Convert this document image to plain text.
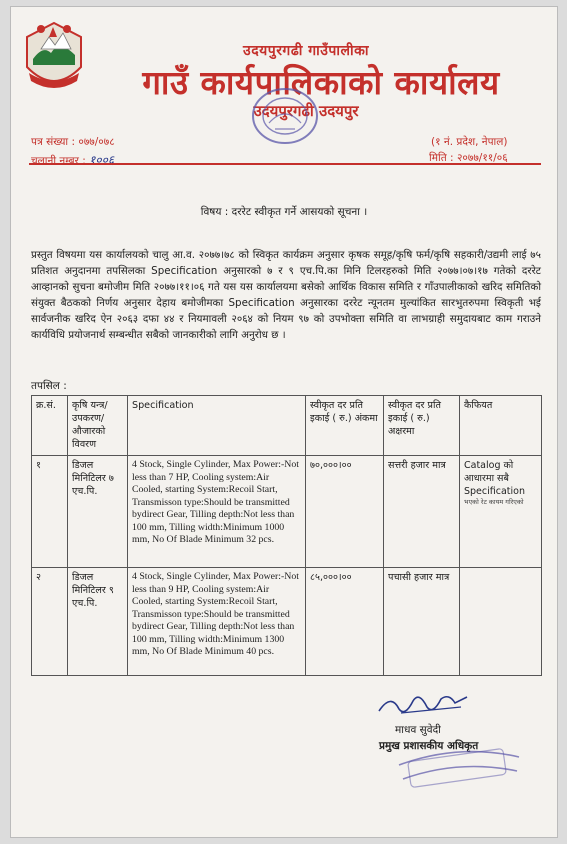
उदयपुरगढी गाउँपालीका
गाउँ कार्यपालिकाको कार्यालय
उदयपुरगढी उदयपुर
पत्र संख्या : ०७७/०७८
चलानी नम्बर : १००६
(१ नं. प्रदेश, नेपाल)
मिति : २०७७/११/०६
विषय : दररेट स्वीकृत गर्ने आसयको सूचना ।

प्रस्तुत विषयमा यस कार्यालयको चालु आ.व. २०७७।७८ को स्विकृत कार्यक्रम अनुसार कृषक समूह/कृषि फर्म/कृषि सहकारी/उद्यमी लाई ७५ प्रतिशत अनुदानमा तपसिलका Specification अनुसारको ७ र ९ एच.पि.का मिनि टिलरहरुको मिति २०७७।०७।१७ गतेको दररेट आव्हानको सुचना बमोजीम मिति २०७७।११।०६ गते यस यस कार्यालयमा बसेको आर्थिक विकास समिति र गाँउपालीकाको खरिद समितिको संयुक्त बैठकको निर्णय अनुसार देहाय बमोजीमका Specification अनुसारका दररेट न्यूनतम मुल्यांकित सारभुतरुपमा स्विकृती भई सार्वजनीक खरिद ऐन २०६३ दफा ४४ र नियमावली २०६४ को नियम ९७ को उपभोक्ता समिति वा लाभग्राही समुदायबाट काम गराउने कार्यविधि प्रयोजनार्थ सम्बन्धीत सबैको जानकारीको लागि अनुरोध छ ।

तपसिल :
क्र.सं.	कृषि यन्त्र/ उपकरण/ औजारको विवरण	Specification	स्वीकृत दर प्रति इकाई ( रु.) अंकमा	स्वीकृत दर प्रति इकाई ( रु.) अक्षरमा	कैफियत
१	डिजल मिनिटिलर ७ एच.पि.	4 Stock, Single Cylinder, Max Power:-Not less than 7 HP, Cooling system:Air Cooled, starting System:Recoil Start, Transmisson type:Should be transmitted bydirect Gear, Tilling depth:Not less than 100 mm, Tilling width:Minimum 1000 mm, No Of Blade Minimum 32 pcs.	७०,०००।००	सत्तरी हजार मात्र	Catalog को आधारमा सबै Specification
भएको रेट कायम गरिएको

२	डिजल मिनिटिलर ९ एच.पि.	4 Stock, Single Cylinder, Max Power:-Not less than 9 HP, Cooling system:Air Cooled, starting System:Recoil Start, Transmisson type:Should be transmitted bydirect Gear, Tilling depth:Not less than 100 mm, Tilling width:Minimum 1300 mm, No Of Blade Minimum 40 pcs.	८५,०००।००	पचासी हजार मात्र	
माधव सुवेदी
प्रमुख प्रशासकीय अधिकृत
